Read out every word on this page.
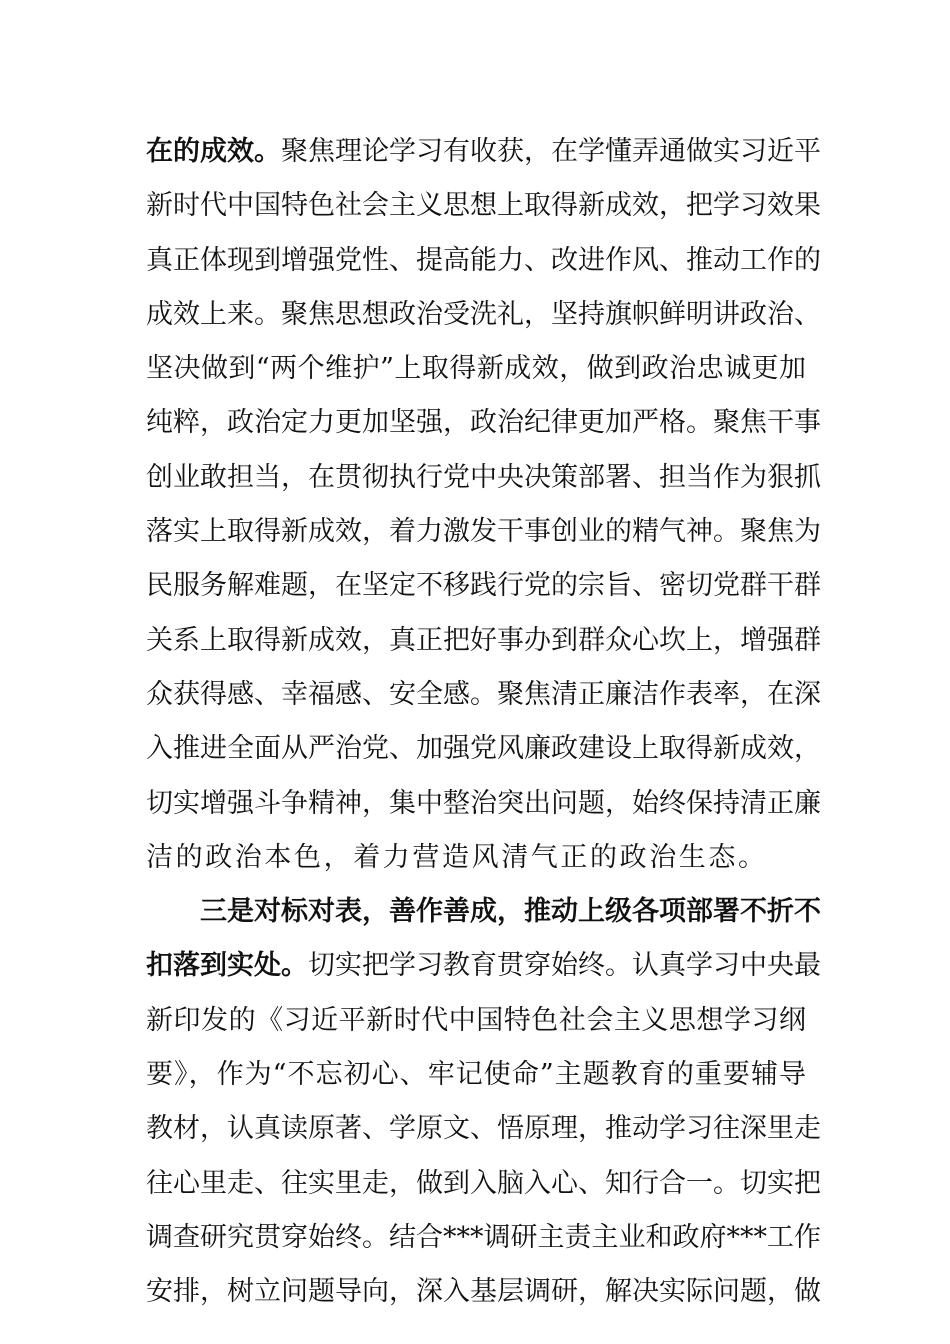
在的成效。聚焦理论学习有收获，在学懂弄通做实习近平
新时代中国特色社会主义思想上取得新成效，把学习效果
真正体现到增强党性、提高能力、改进作风、推动工作的
成效上来。聚焦思想政治受洗礼，坚持旗帜鲜明讲政治、
坚决做到“两个维护”上取得新成效，做到政治忠诚更加
纯粹，政治定力更加坚强，政治纪律更加严格。聚焦干事
创业敢担当，在贯彻执行党中央决策部署、担当作为狠抓
落实上取得新成效，着力激发干事创业的精气神。聚焦为
民服务解难题，在坚定不移践行党的宗旨、密切党群干群
关系上取得新成效，真正把好事办到群众心坎上，增强群
众获得感、幸福感、安全感。聚焦清正廉洁作表率，在深
入推进全面从严治党、加强党风廉政建设上取得新成效，
切实增强斗争精神，集中整治突出问题，始终保持清正廉
洁的政治本色，着力营造风清气正的政治生态。
三是对标对表，善作善成，推动上级各项部署不折不
扣落到实处。切实把学习教育贯穿始终。认真学习中央最
新印发的《习近平新时代中国特色社会主义思想学习纲
要》，作为“不忘初心、牢记使命”主题教育的重要辅导
教材，认真读原著、学原文、悟原理，推动学习往深里走
往心里走、往实里走，做到入脑入心、知行合一。切实把
调查研究贯穿始终。结合***调研主责主业和政府***工作
安排，树立问题导向，深入基层调研，解决实际问题，做
